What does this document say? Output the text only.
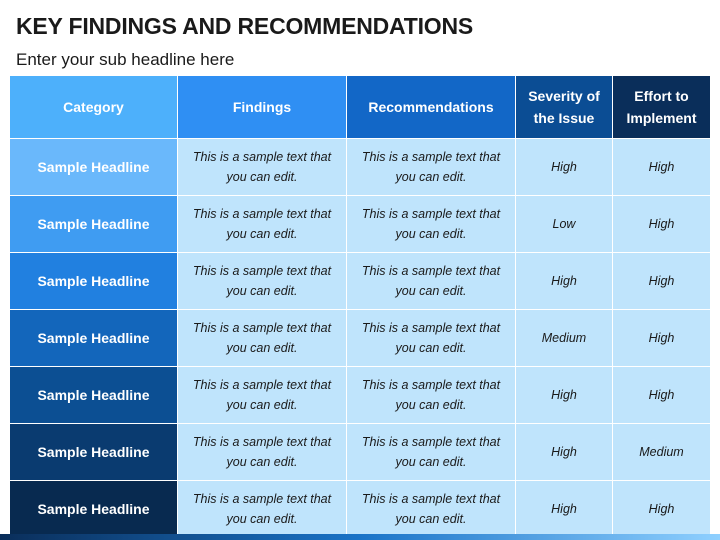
KEY FINDINGS AND RECOMMENDATIONS
Enter your sub headline here
Category	Findings	Recommendations	Severity of the Issue	Effort to Implement
Sample Headline	This is a sample text that you can edit.	This is a sample text that you can edit.	High	High
Sample Headline	This is a sample text that you can edit.	This is a sample text that you can edit.	Low	High
Sample Headline	This is a sample text that you can edit.	This is a sample text that you can edit.	High	High
Sample Headline	This is a sample text that you can edit.	This is a sample text that you can edit.	Medium	High
Sample Headline	This is a sample text that you can edit.	This is a sample text that you can edit.	High	High
Sample Headline	This is a sample text that you can edit.	This is a sample text that you can edit.	High	Medium
Sample Headline	This is a sample text that you can edit.	This is a sample text that you can edit.	High	High
